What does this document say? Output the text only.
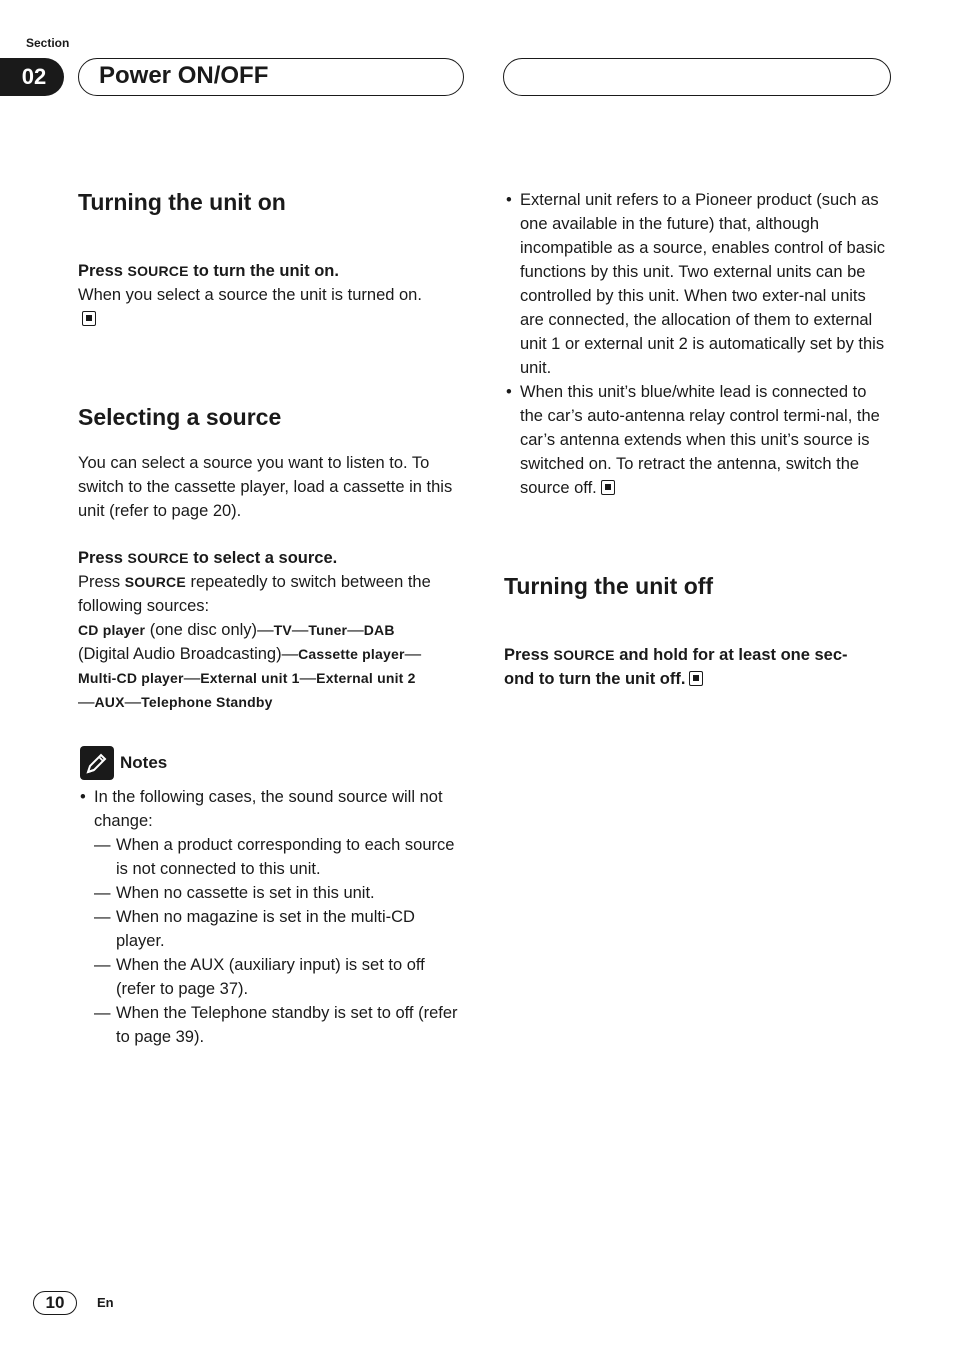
Section
02	Power ON/OFF
Turning the unit on

Press SOURCE to turn the unit on.

When you select a source the unit is turned on.

Selecting a source

You can select a source you want to listen to. To switch to the cassette player, load a cassette in this unit (refer to page 20).

Press SOURCE to select a source.

Press SOURCE repeatedly to switch between the following sources:

CD player (one disc only)—TV—Tuner—DAB
(Digital Audio Broadcasting)—Cassette player—
Multi-CD player—External unit 1—External unit 2
—AUX—Telephone Standby

Notes
• In the following cases, the sound source will not change:
— When a product corresponding to each source is not connected to this unit.
— When no cassette is set in this unit.
— When no magazine is set in the multi-CD player.
— When the AUX (auxiliary input) is set to off (refer to page 37).
— When the Telephone standby is set to off (refer to page 39).
• External unit refers to a Pioneer product (such as one available in the future) that, although incompatible as a source, enables control of basic functions by this unit. Two external units can be controlled by this unit. When two exter-nal units are connected, the allocation of them to external unit 1 or external unit 2 is automatically set by this unit.
• When this unit’s blue/white lead is connected to the car’s auto-antenna relay control termi-nal, the car’s antenna extends when this unit’s source is switched on. To retract the antenna, switch the source off.
Turning the unit off

Press SOURCE and hold for at least one sec-ond to turn the unit off.

10	En
